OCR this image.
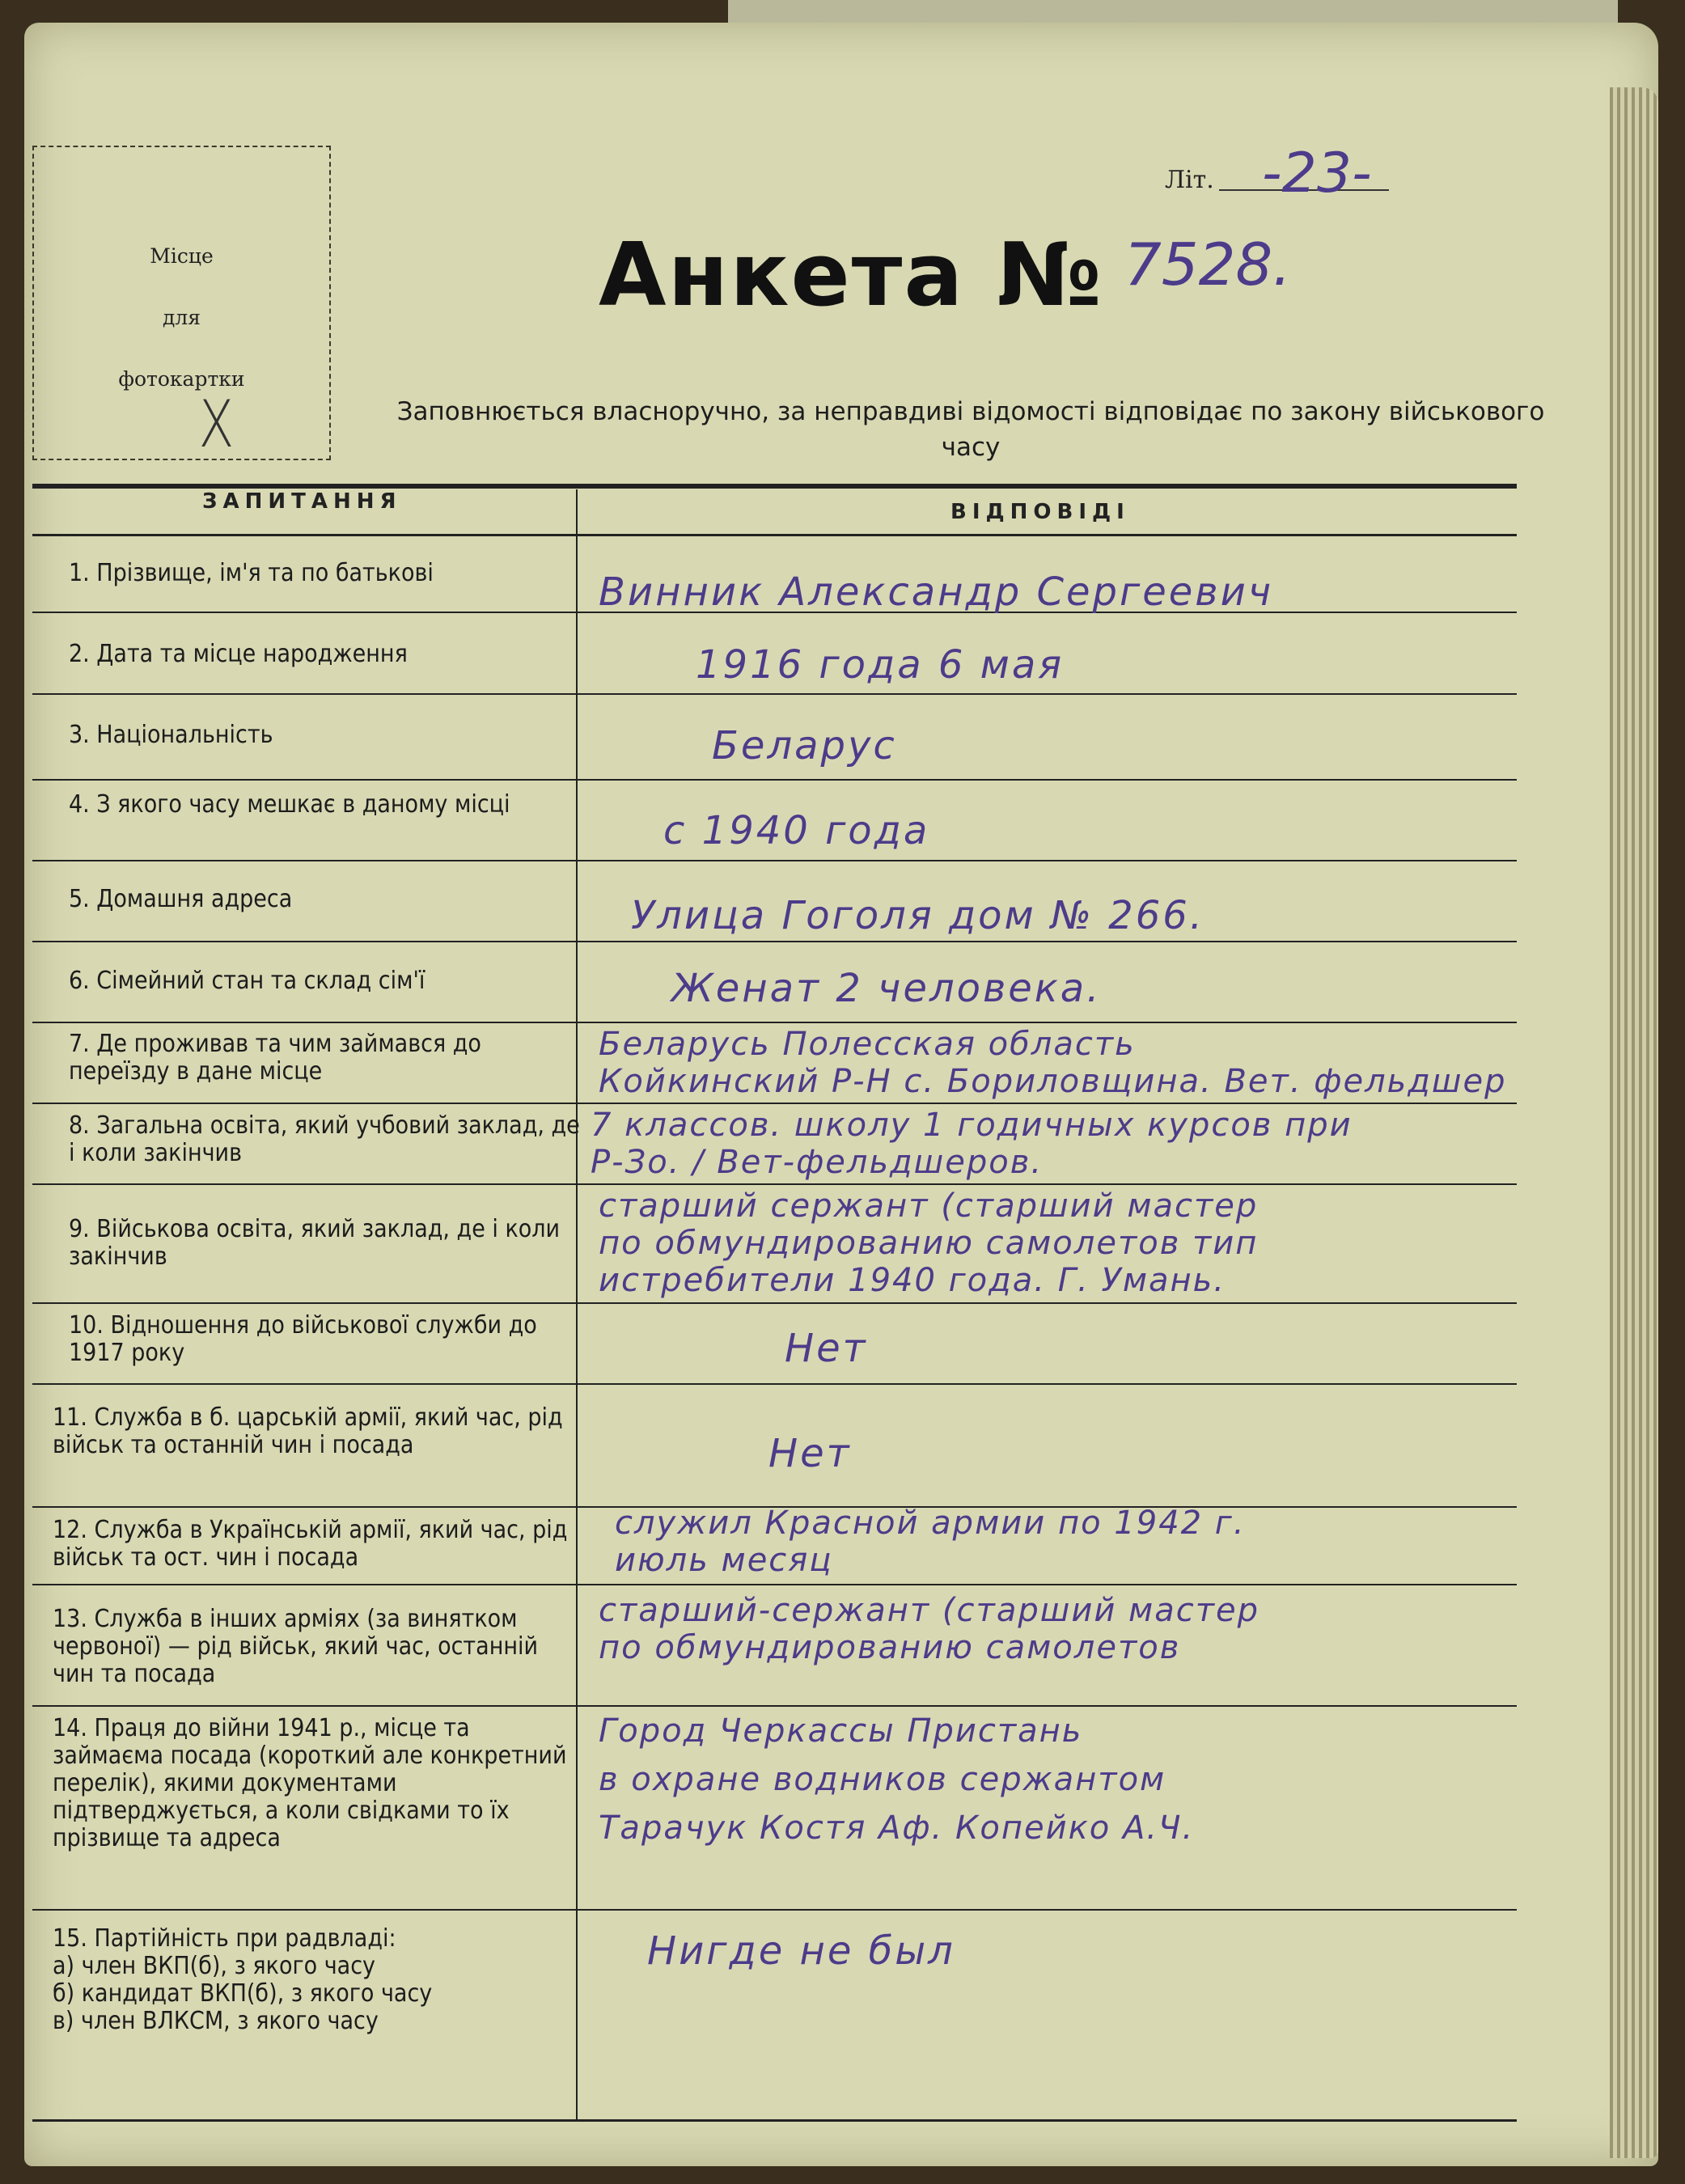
Місце
для
фотокартки
X
Літ. -23-
Анкета № 7528.
Заповнюється власноручно, за неправдиві відомості відповідає по закону військового часу
ЗАПИТАННЯ	ВІДПОВІДІ
1. Прізвище, ім'я та по батькові
2. Дата та місце народження
3. Національність
4. З якого часу мешкає в даному місці
5. Домашня адреса
6. Сімейний стан та склад сім'ї
7. Де проживав та чим займався до переїзду в дане місце
8. Загальна освіта, який учбовий заклад, де і коли закінчив
9. Військова освіта, який заклад, де і коли закінчив
10. Відношення до військової служби до 1917 року
11. Служба в б. царській армії, який час, рід військ та останній чин і посада
12. Служба в Українській армії, який час, рід військ та ост. чин і посада
13. Служба в інших арміях (за винятком червоної) — рід військ, який час, останній чин та посада
14. Праця до війни 1941 р., місце та займаєма посада (короткий але конкретний перелік), якими документами підтверджується, а коли свідками то їх прізвище та адреса
15. Партійність при радвладі:
а) член ВКП(б), з якого часу
б) кандидат ВКП(б), з якого часу
в) член ВЛКСМ, з якого часу
Винник Александр Сергеевич
1916 года 6 мая
Беларус
с 1940 года
Улица Гоголя дом № 266.
Женат 2 человека.
Беларусь Полесская область
Койкинский Р-Н с. Бориловщина. Вет. фельдшер
7 классов. школу 1 годичных курсов при
Р-Зо. / Вет-фельдшеров.
старший сержант (старший мастер
по обмундированию самолетов тип
истребители 1940 года. Г. Умань.
Нет
Нет
служил Красной армии по 1942 г.
июль месяц
старший-сержант (старший мастер
по обмундированию самолетов
Город Черкассы Пристань
в охране водников сержантом
Тарачук Костя Аф. Копейко А.Ч.
Нигде не был
